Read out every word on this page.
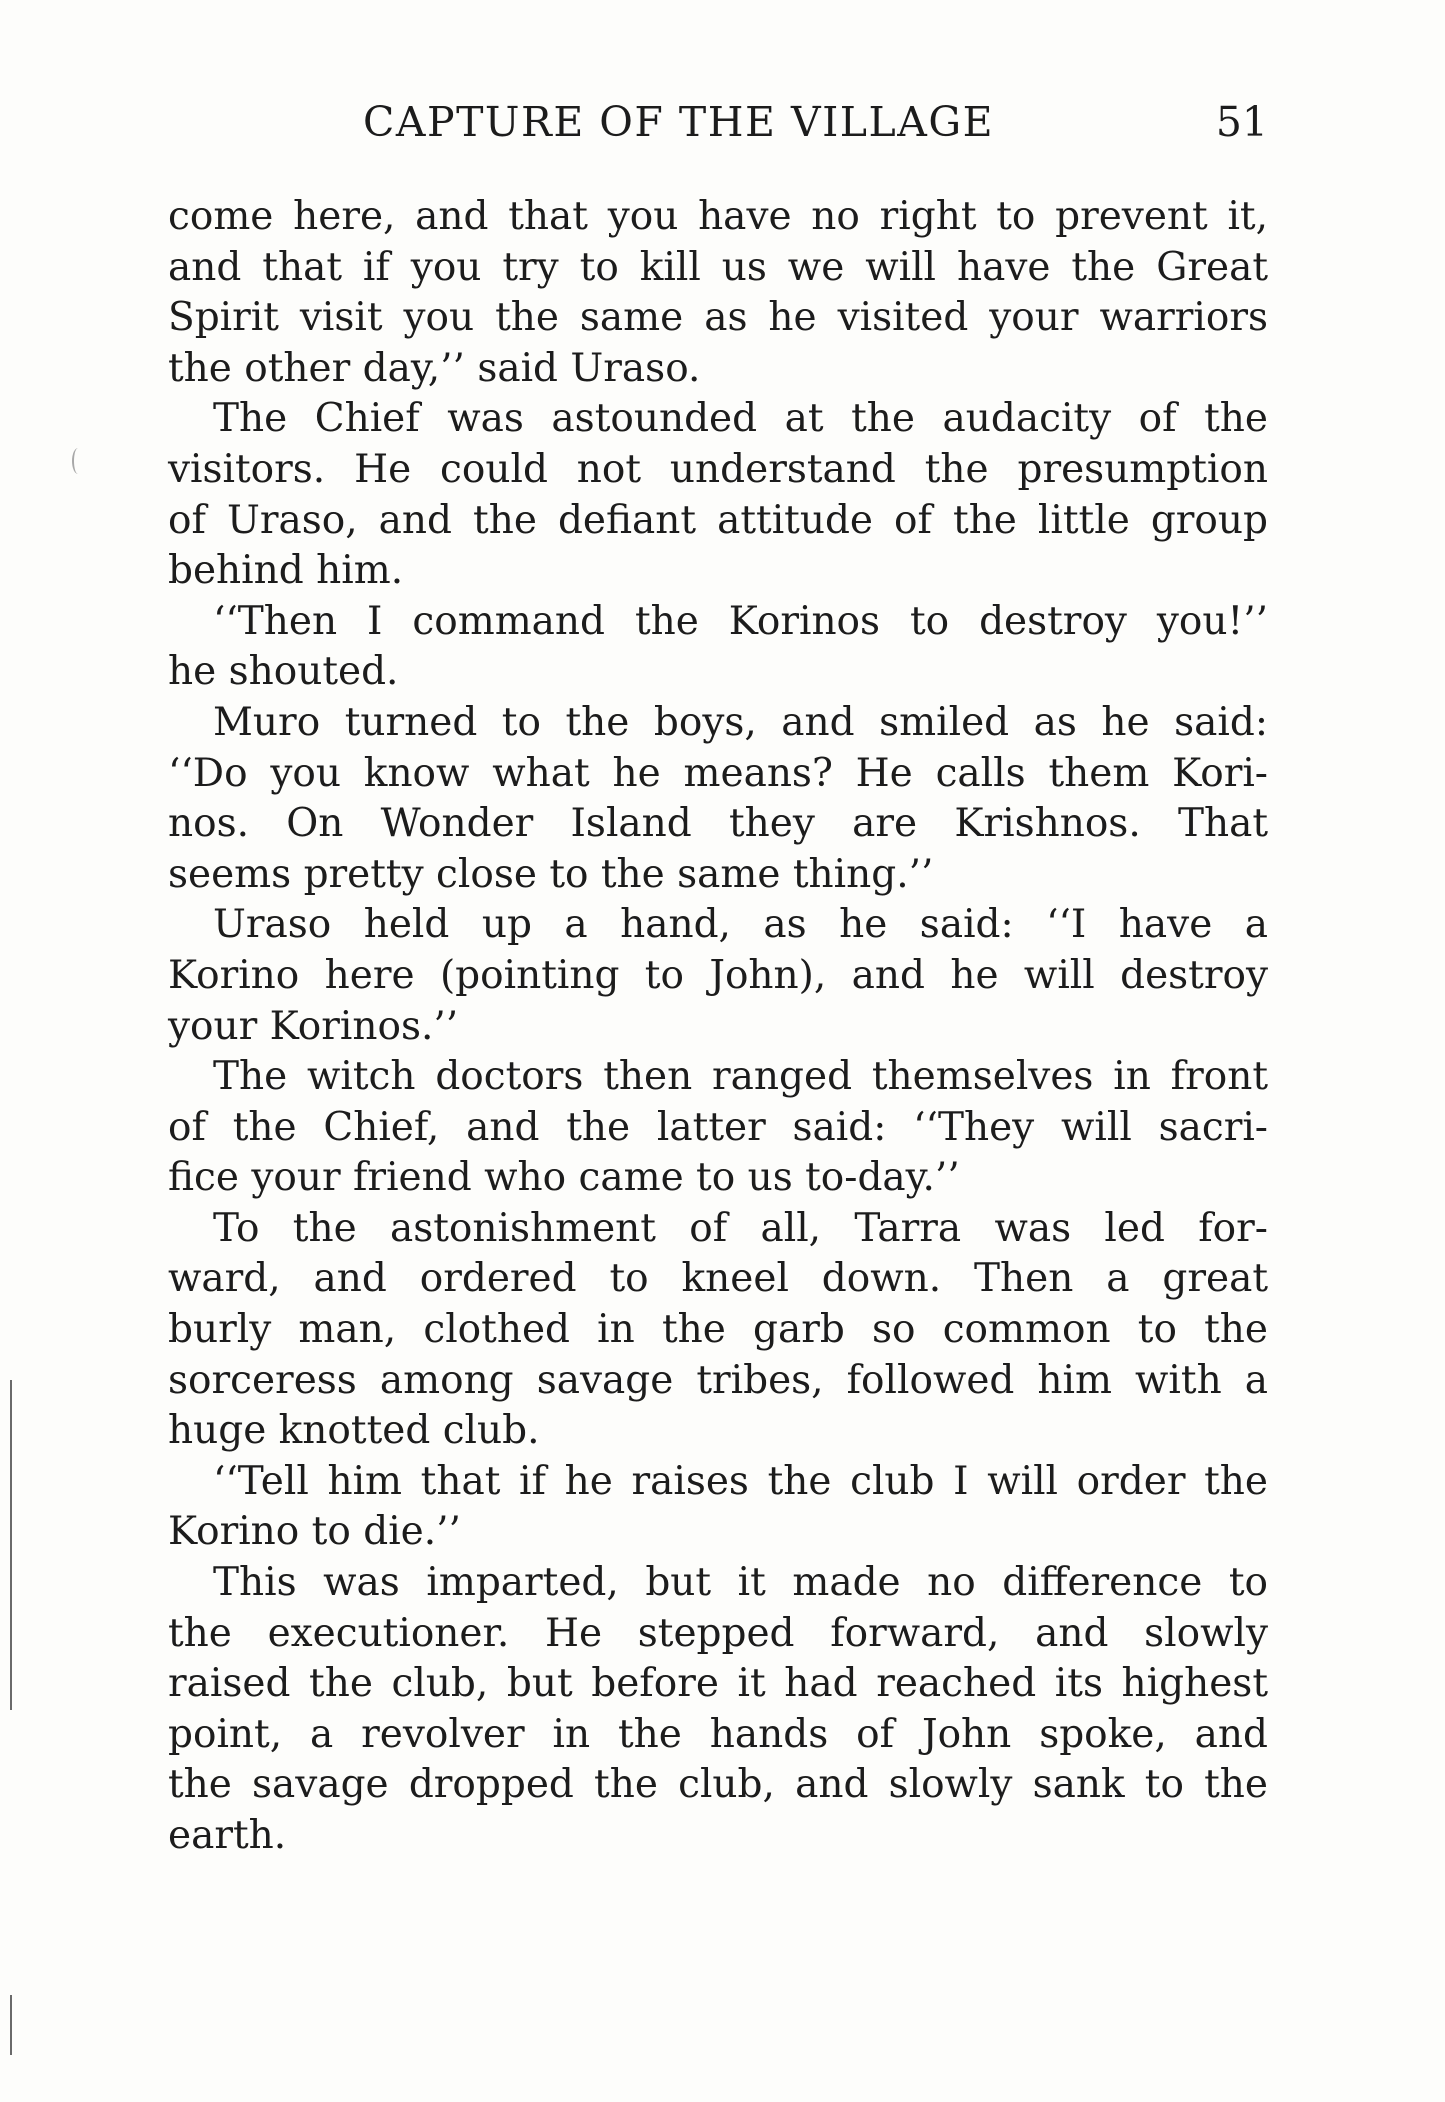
CAPTURE OF THE VILLAGE	51
come here, and that you have no right to prevent it,
and that if you try to kill us we will have the Great
Spirit visit you the same as he visited your warriors
the other day,’’ said Uraso.
The Chief was astounded at the audacity of the
visitors. He could not understand the presumption
of Uraso, and the defiant attitude of the little group
behind him.
‘‘Then I command the Korinos to destroy you!’’
he shouted.
Muro turned to the boys, and smiled as he said:
‘‘Do you know what he means? He calls them Kori-
nos. On Wonder Island they are Krishnos. That
seems pretty close to the same thing.’’
Uraso held up a hand, as he said: ‘‘I have a
Korino here (pointing to John), and he will destroy
your Korinos.’’
The witch doctors then ranged themselves in front
of the Chief, and the latter said: ‘‘They will sacri-
fice your friend who came to us to-day.’’
To the astonishment of all, Tarra was led for-
ward, and ordered to kneel down. Then a great
burly man, clothed in the garb so common to the
sorceress among savage tribes, followed him with a
huge knotted club.
‘‘Tell him that if he raises the club I will order the
Korino to die.’’
This was imparted, but it made no difference to
the executioner. He stepped forward, and slowly
raised the club, but before it had reached its highest
point, a revolver in the hands of John spoke, and
the savage dropped the club, and slowly sank to the
earth.
